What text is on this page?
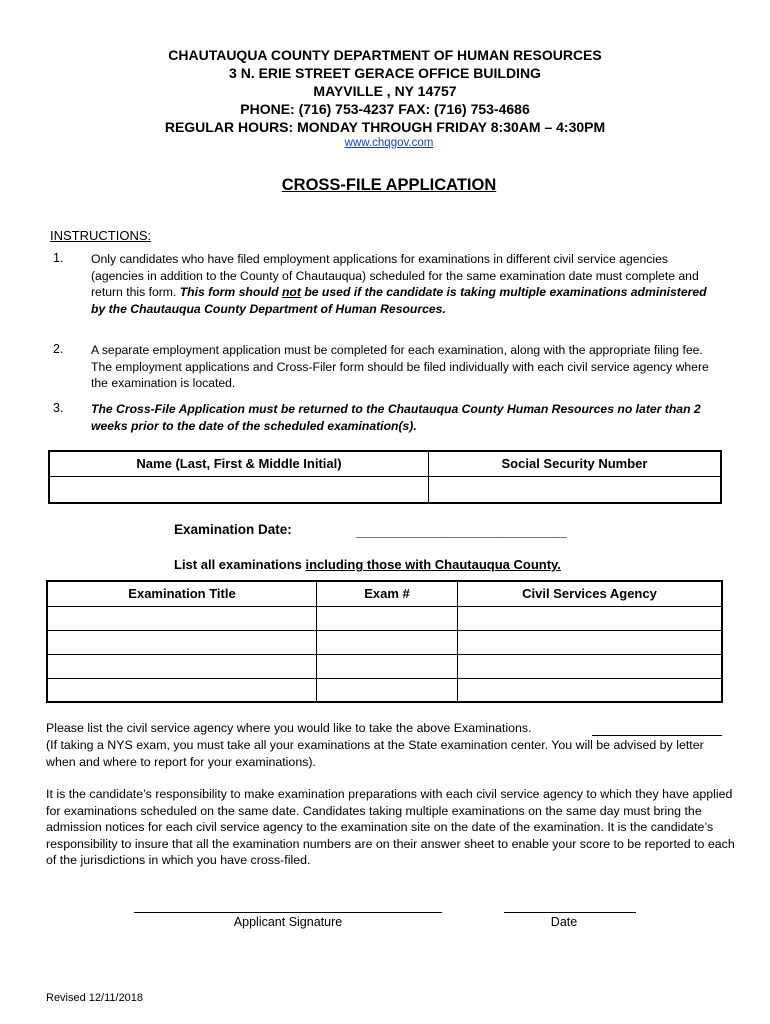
CHAUTAUQUA COUNTY DEPARTMENT OF HUMAN RESOURCES
3 N. ERIE STREET GERACE OFFICE BUILDING
MAYVILLE , NY 14757
PHONE: (716) 753-4237 FAX: (716) 753-4686
REGULAR HOURS: MONDAY THROUGH FRIDAY 8:30AM – 4:30PM
www.chqgov.com
CROSS-FILE APPLICATION
INSTRUCTIONS:
1. Only candidates who have filed employment applications for examinations in different civil service agencies (agencies in addition to the County of Chautauqua) scheduled for the same examination date must complete and return this form. This form should not be used if the candidate is taking multiple examinations administered by the Chautauqua County Department of Human Resources.
2. A separate employment application must be completed for each examination, along with the appropriate filing fee. The employment applications and Cross-Filer form should be filed individually with each civil service agency where the examination is located.
3. The Cross-File Application must be returned to the Chautauqua County Human Resources no later than 2 weeks prior to the date of the scheduled examination(s).
Name (Last, First & Middle Initial)	Social Security Number

Examination Date:	______________________________
List all examinations including those with Chautauqua County.
Examination Title	Exam #	Civil Services Agency

Please list the civil service agency where you would like to take the above Examinations.
(If taking a NYS exam, you must take all your examinations at the State examination center. You will be advised by letter when and where to report for your examinations).
It is the candidate’s responsibility to make examination preparations with each civil service agency to which they have applied for examinations scheduled on the same date. Candidates taking multiple examinations on the same day must bring the admission notices for each civil service agency to the examination site on the date of the examination. It is the candidate’s responsibility to insure that all the examination numbers are on their answer sheet to enable your score to be reported to each of the jurisdictions in which you have cross-filed.
Applicant Signature	Date
Revised 12/11/2018
